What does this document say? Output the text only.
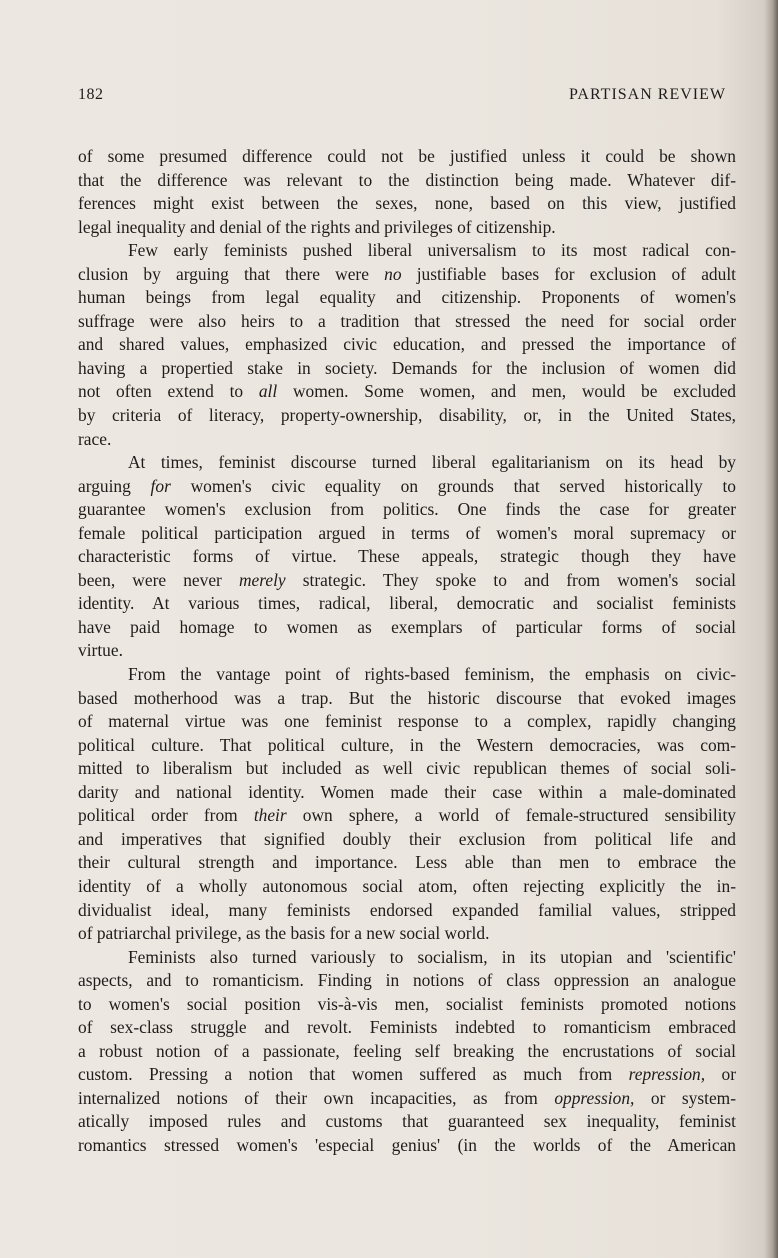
182	PARTISAN REVIEW
of some presumed difference could not be justified unless it could be shown
that the difference was relevant to the distinction being made. Whatever dif-
ferences might exist between the sexes, none, based on this view, justified
legal inequality and denial of the rights and privileges of citizenship.
Few early feminists pushed liberal universalism to its most radical con-
clusion by arguing that there were no justifiable bases for exclusion of adult
human beings from legal equality and citizenship. Proponents of women's
suffrage were also heirs to a tradition that stressed the need for social order
and shared values, emphasized civic education, and pressed the importance of
having a propertied stake in society. Demands for the inclusion of women did
not often extend to all women. Some women, and men, would be excluded
by criteria of literacy, property-ownership, disability, or, in the United States,
race.
At times, feminist discourse turned liberal egalitarianism on its head by
arguing for women's civic equality on grounds that served historically to
guarantee women's exclusion from politics. One finds the case for greater
female political participation argued in terms of women's moral supremacy or
characteristic forms of virtue. These appeals, strategic though they have
been, were never merely strategic. They spoke to and from women's social
identity. At various times, radical, liberal, democratic and socialist feminists
have paid homage to women as exemplars of particular forms of social
virtue.
From the vantage point of rights-based feminism, the emphasis on civic-
based motherhood was a trap. But the historic discourse that evoked images
of maternal virtue was one feminist response to a complex, rapidly changing
political culture. That political culture, in the Western democracies, was com-
mitted to liberalism but included as well civic republican themes of social soli-
darity and national identity. Women made their case within a male-dominated
political order from their own sphere, a world of female-structured sensibility
and imperatives that signified doubly their exclusion from political life and
their cultural strength and importance. Less able than men to embrace the
identity of a wholly autonomous social atom, often rejecting explicitly the in-
dividualist ideal, many feminists endorsed expanded familial values, stripped
of patriarchal privilege, as the basis for a new social world.
Feminists also turned variously to socialism, in its utopian and 'scientific'
aspects, and to romanticism. Finding in notions of class oppression an analogue
to women's social position vis-à-vis men, socialist feminists promoted notions
of sex-class struggle and revolt. Feminists indebted to romanticism embraced
a robust notion of a passionate, feeling self breaking the encrustations of social
custom. Pressing a notion that women suffered as much from repression, or
internalized notions of their own incapacities, as from oppression, or system-
atically imposed rules and customs that guaranteed sex inequality, feminist
romantics stressed women's 'especial genius' (in the worlds of the American
